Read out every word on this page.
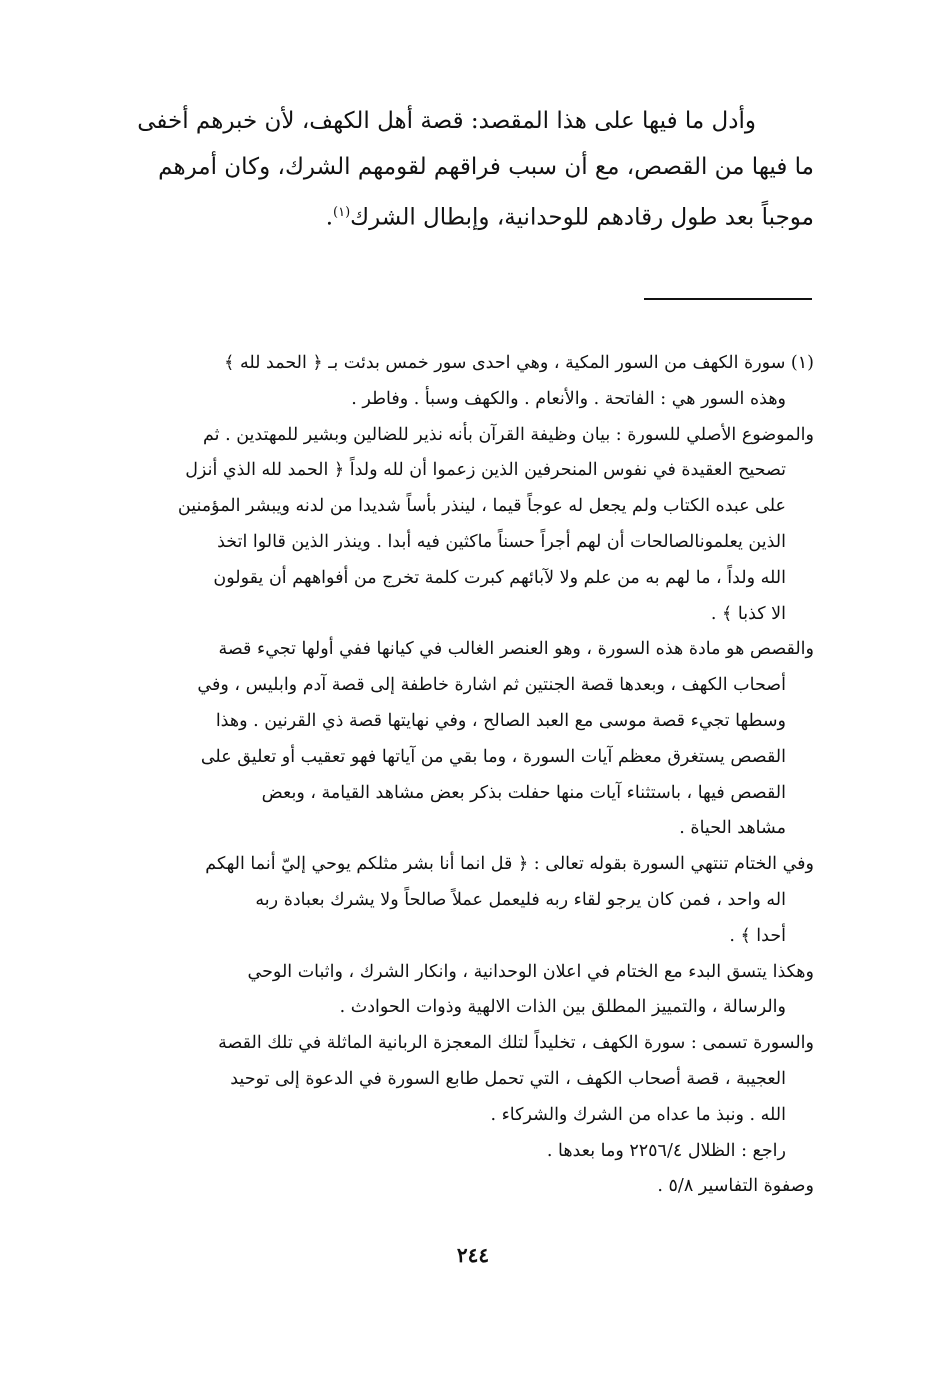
وأدل ما فيها على هذا المقصد: قصة أهل الكهف، لأن خبرهم أخفى
ما فيها من القصص، مع أن سبب فراقهم لقومهم الشرك، وكان أمرهم
موجباً بعد طول رقادهم للوحدانية، وإبطال الشرك$^{(١)}$.
(١) سورة الكهف من السور المكية ، وهي احدى سور خمس بدئت بـ ﴿ الحمد لله ﴾
وهذه السور هي : الفاتحة . والأنعام . والكهف وسبأ . وفاطر .
والموضوع الأصلي للسورة : بيان وظيفة القرآن بأنه نذير للضالين وبشير للمهتدين . ثم
تصحيح العقيدة في نفوس المنحرفين الذين زعموا أن لله ولداً ﴿ الحمد لله الذي أنزل
على عبده الكتاب ولم يجعل له عوجاً قيما ، لينذر بأساً شديدا من لدنه ويبشر المؤمنين
الذين يعلمونالصالحات أن لهم أجراً حسناً ماكثين فيه أبدا . وينذر الذين قالوا اتخذ
الله ولداً ، ما لهم به من علم ولا لآبائهم كبرت كلمة تخرج من أفواههم أن يقولون
الا كذبا ﴾ .
والقصص هو مادة هذه السورة ، وهو العنصر الغالب في كيانها ففي أولها تجيء قصة
أصحاب الكهف ، وبعدها قصة الجنتين ثم اشارة خاطفة إلى قصة آدم وابليس ، وفي
وسطها تجيء قصة موسى مع العبد الصالح ، وفي نهايتها قصة ذي القرنين . وهذا
القصص يستغرق معظم آيات السورة ، وما بقي من آياتها فهو تعقيب أو تعليق على
القصص فيها ، باستثناء آيات منها حفلت بذكر بعض مشاهد القيامة ، وبعض
مشاهد الحياة .
وفي الختام تنتهي السورة بقوله تعالى : ﴿ قل انما أنا بشر مثلكم يوحي إليّ أنما الهكم
اله واحد ، فمن كان يرجو لقاء ربه فليعمل عملاً صالحاً ولا يشرك بعبادة ربه
أحدا ﴾ .
وهكذا يتسق البدء مع الختام في اعلان الوحدانية ، وانكار الشرك ، واثبات الوحي
والرسالة ، والتمييز المطلق بين الذات الالهية وذوات الحوادث .
والسورة تسمى : سورة الكهف ، تخليداً لتلك المعجزة الربانية الماثلة في تلك القصة
العجيبة ، قصة أصحاب الكهف ، التي تحمل طابع السورة في الدعوة إلى توحيد
الله . ونبذ ما عداه من الشرك والشركاء .
راجع : الظلال ٢٢٥٦/٤ وما بعدها .
وصفوة التفاسير ٥/٨ .
٢٤٤
